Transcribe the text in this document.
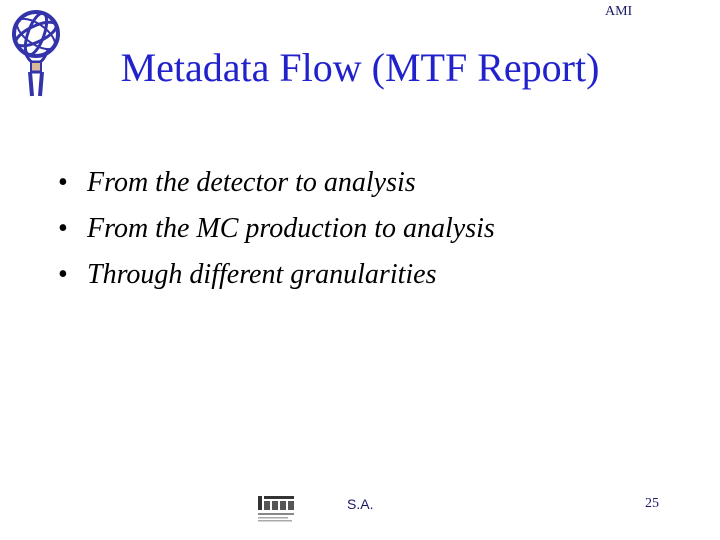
AMI
Metadata Flow (MTF Report)
• From the detector to analysis
• From the MC production to analysis
• Through different granularities
S.A.	25
